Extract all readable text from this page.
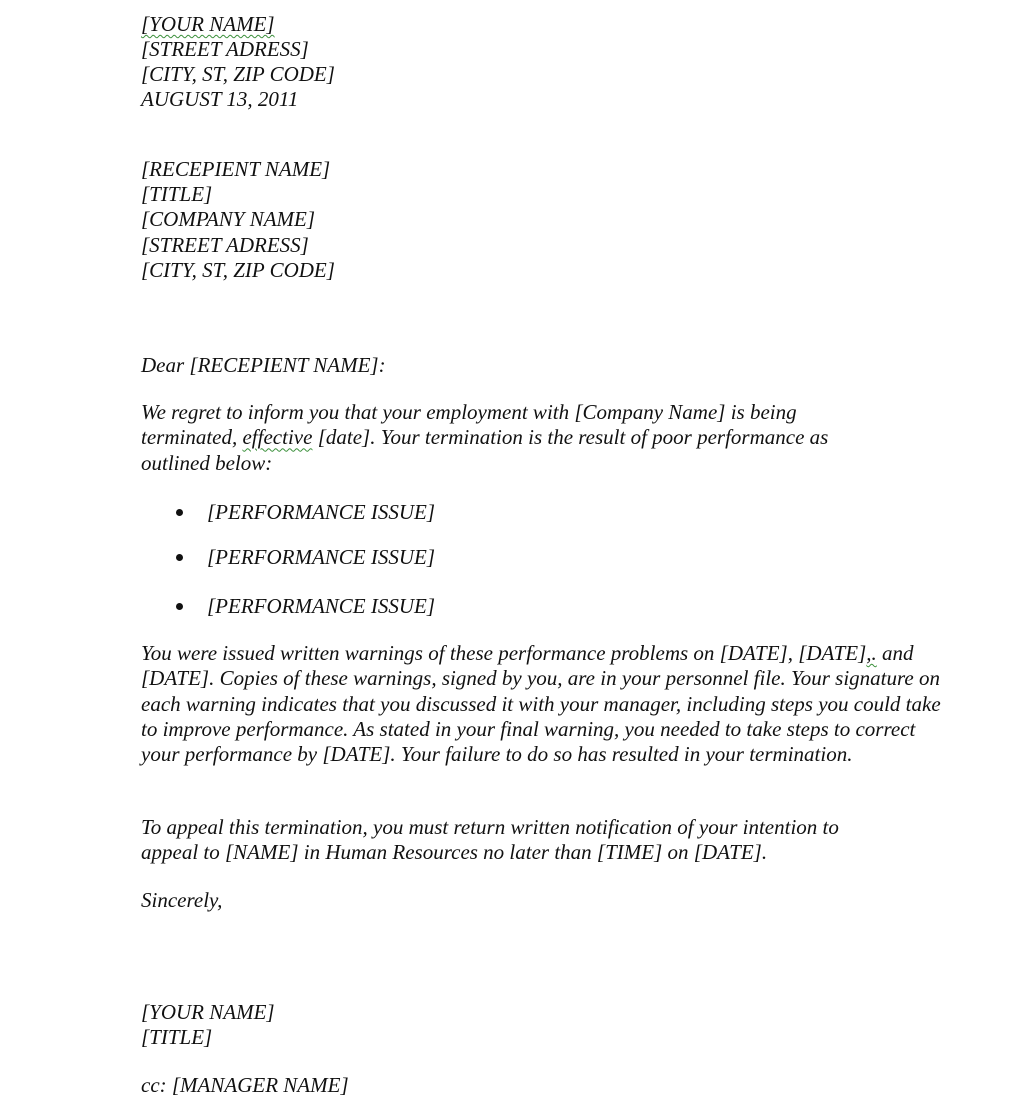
[YOUR NAME]
[STREET ADRESS]
[CITY, ST, ZIP CODE]
AUGUST 13, 2011
[RECEPIENT NAME]
[TITLE]
[COMPANY NAME]
[STREET ADRESS]
[CITY, ST, ZIP CODE]
Dear [RECEPIENT NAME]:
We regret to inform you that your employment with [Company Name] is being terminated, effective [date]. Your termination is the result of poor performance as outlined below:
[PERFORMANCE ISSUE]
[PERFORMANCE ISSUE]
[PERFORMANCE ISSUE]
You were issued written warnings of these performance problems on [DATE], [DATE],. and [DATE]. Copies of these warnings, signed by you, are in your personnel file. Your signature on each warning indicates that you discussed it with your manager, including steps you could take to improve performance. As stated in your final warning, you needed to take steps to correct your performance by [DATE]. Your failure to do so has resulted in your termination.
To appeal this termination, you must return written notification of your intention to appeal to [NAME] in Human Resources no later than [TIME] on [DATE].
Sincerely,
[YOUR NAME]
[TITLE]
cc: [MANAGER NAME]
